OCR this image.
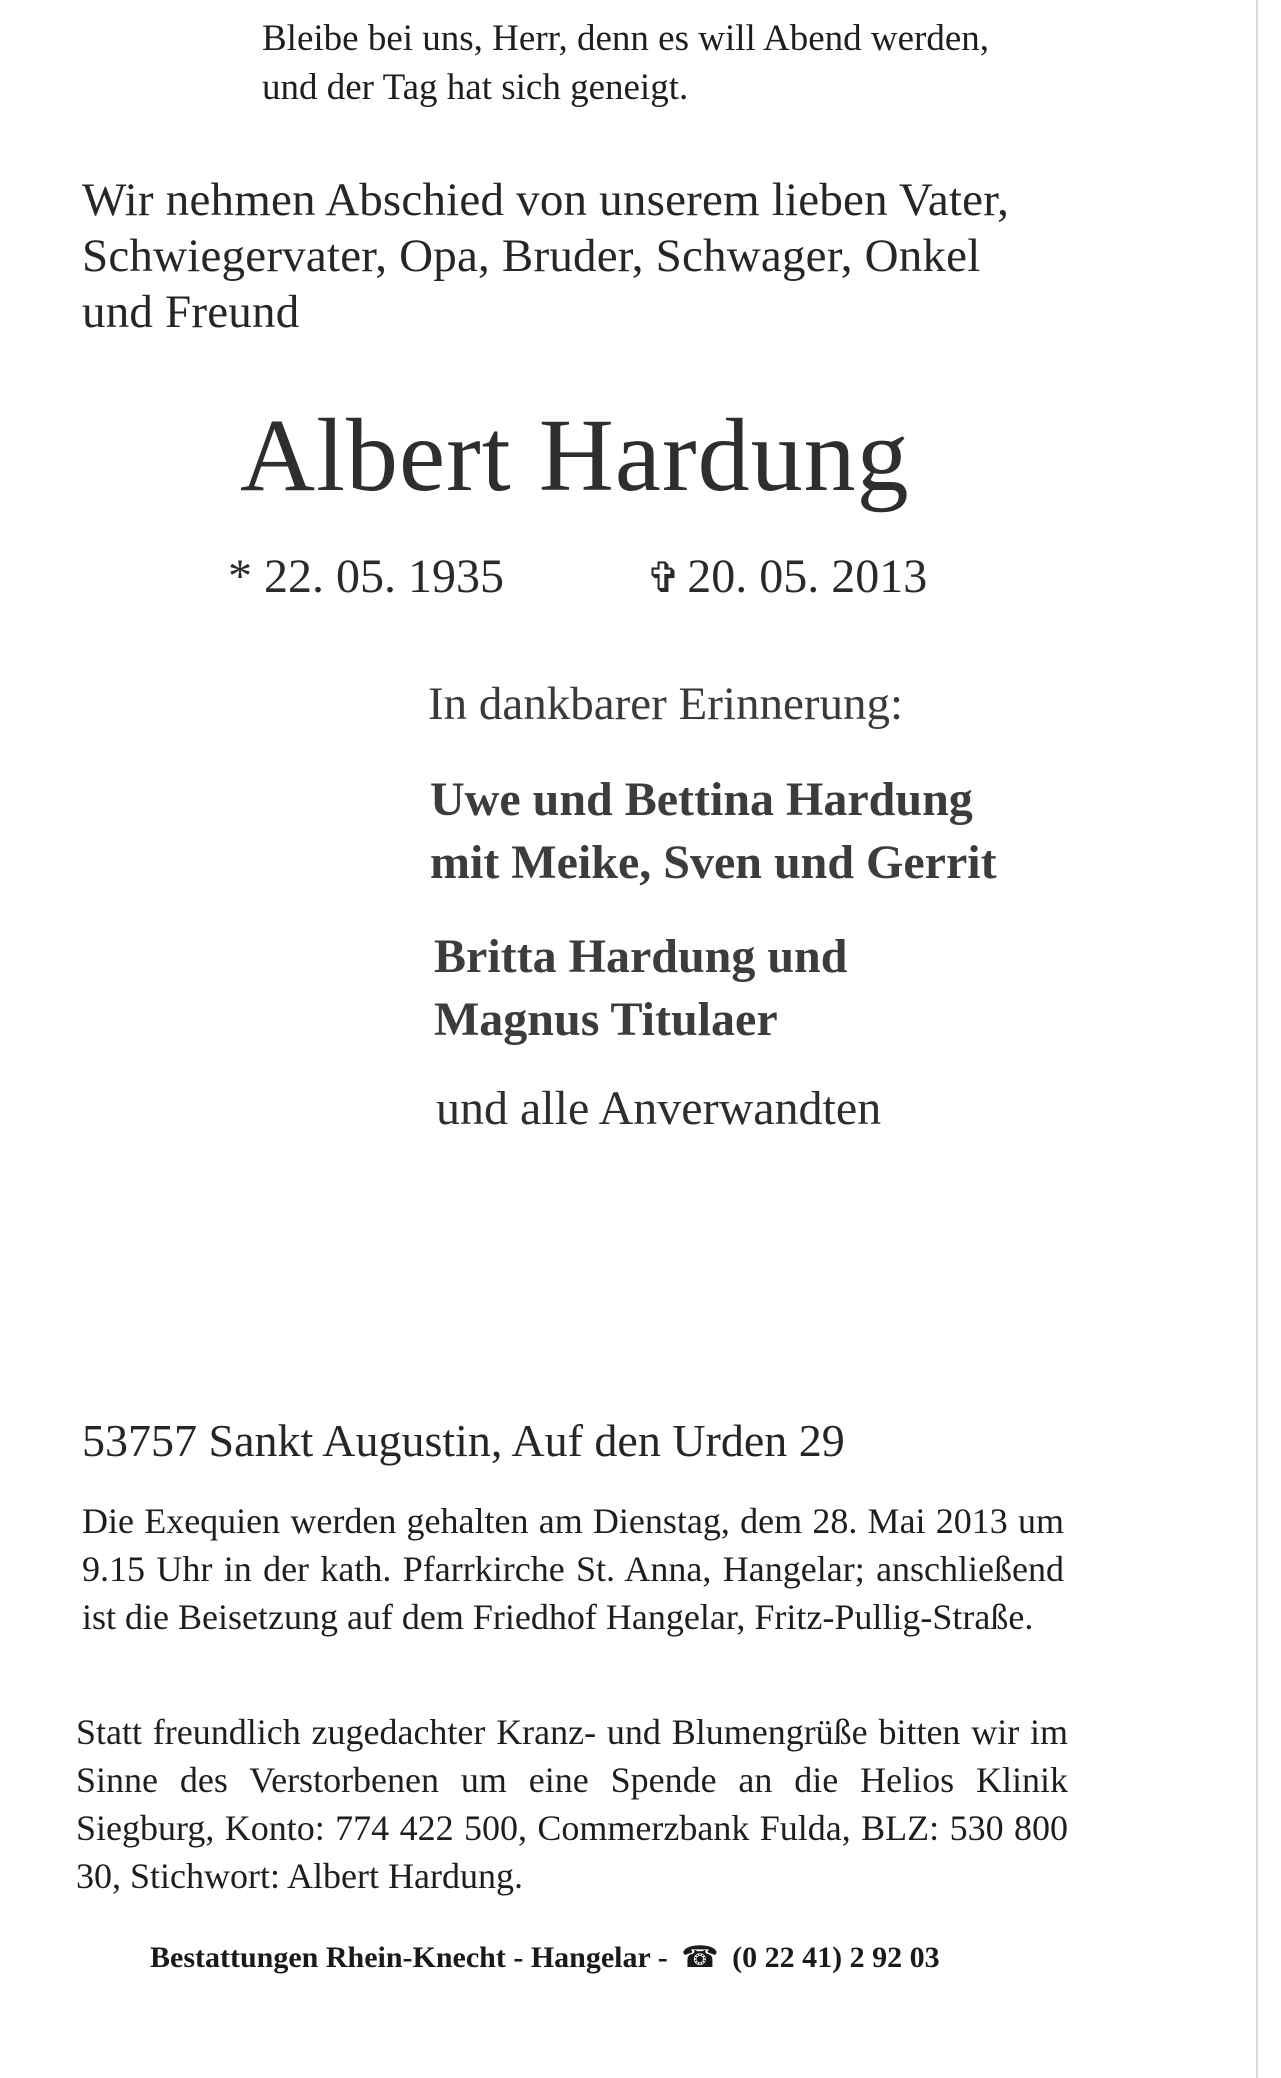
Bleibe bei uns, Herr, denn es will Abend werden,
und der Tag hat sich geneigt.
Wir nehmen Abschied von unserem lieben Vater,
Schwiegervater, Opa, Bruder, Schwager, Onkel
und Freund
Albert Hardung
* 22. 05. 1935	✞ 20. 05. 2013
In dankbarer Erinnerung:
Uwe und Bettina Hardung
mit Meike, Sven und Gerrit
Britta Hardung und
Magnus Titulaer
und alle Anverwandten
53757 Sankt Augustin, Auf den Urden 29

Die Exequien werden gehalten am Dienstag, dem 28. Mai 2013 um 9.15 Uhr in der kath. Pfarrkirche St. Anna, Hangelar; anschließend ist die Beisetzung auf dem Friedhof Hangelar, Fritz-Pullig-Straße.

Statt freundlich zugedachter Kranz- und Blumengrüße bitten wir im Sinne des Verstorbenen um eine Spende an die Helios Klinik Siegburg, Konto: 774 422 500, Commerzbank Fulda, BLZ: 530 800 30, Stichwort: Albert Hardung.

Bestattungen Rhein-Knecht - Hangelar - ☎ (0 22 41) 2 92 03
